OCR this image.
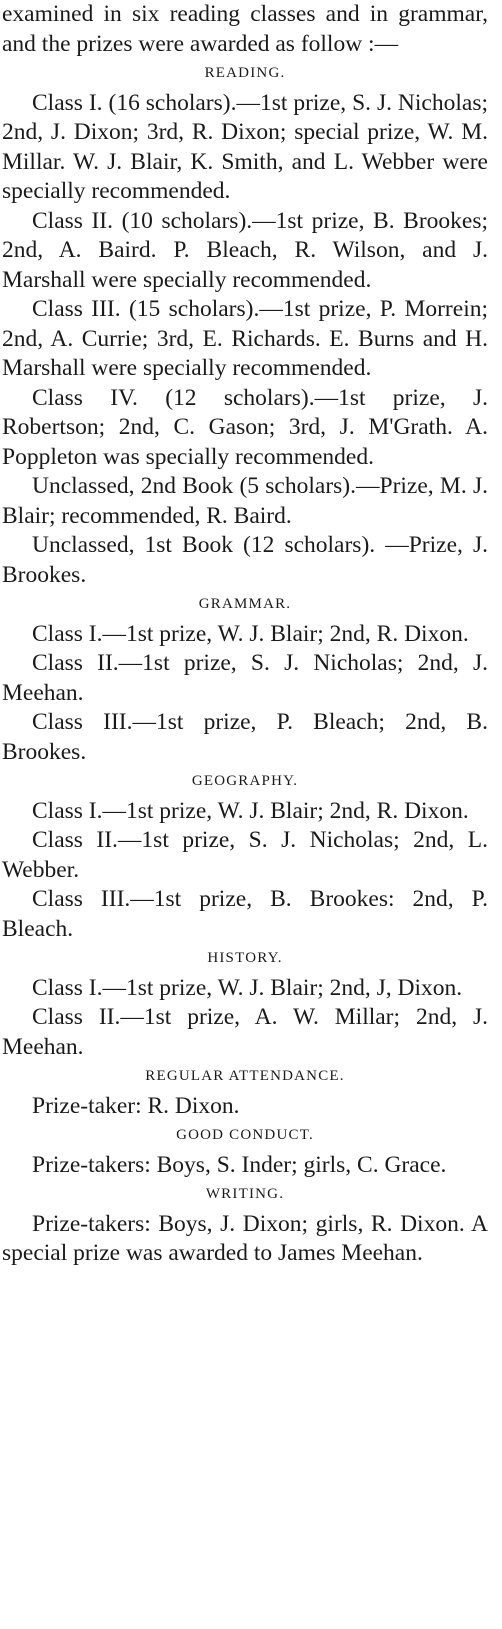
examined in six reading classes and in grammar, and the prizes were awarded as follow :—

READING.

Class I. (16 scholars).—1st prize, S. J. Nicholas; 2nd, J. Dixon; 3rd, R. Dixon; special prize, W. M. Millar. W. J. Blair, K. Smith, and L. Webber were specially recommended.

Class II. (10 scholars).—1st prize, B. Brookes; 2nd, A. Baird. P. Bleach, R. Wilson, and J. Marshall were specially recommended.

Class III. (15 scholars).—1st prize, P. Morrein; 2nd, A. Currie; 3rd, E. Richards. E. Burns and H. Marshall were specially recommended.

Class IV. (12 scholars).—1st prize, J. Robertson; 2nd, C. Gason; 3rd, J. M'Grath. A. Poppleton was specially recommended.

Unclassed, 2nd Book (5 scholars).—Prize, M. J. Blair; recommended, R. Baird.

Unclassed, 1st Book (12 scholars). —Prize, J. Brookes.

GRAMMAR.

Class I.—1st prize, W. J. Blair; 2nd, R. Dixon.

Class II.—1st prize, S. J. Nicholas; 2nd, J. Meehan.

Class III.—1st prize, P. Bleach; 2nd, B. Brookes.

GEOGRAPHY.

Class I.—1st prize, W. J. Blair; 2nd, R. Dixon.

Class II.—1st prize, S. J. Nicholas; 2nd, L. Webber.

Class III.—1st prize, B. Brookes: 2nd, P. Bleach.

HISTORY.

Class I.—1st prize, W. J. Blair; 2nd, J, Dixon.

Class II.—1st prize, A. W. Millar; 2nd, J. Meehan.

REGULAR ATTENDANCE.

Prize-taker: R. Dixon.

GOOD CONDUCT.

Prize-takers: Boys, S. Inder; girls, C. Grace.

WRITING.

Prize-takers: Boys, J. Dixon; girls, R. Dixon. A special prize was awarded to James Meehan.
